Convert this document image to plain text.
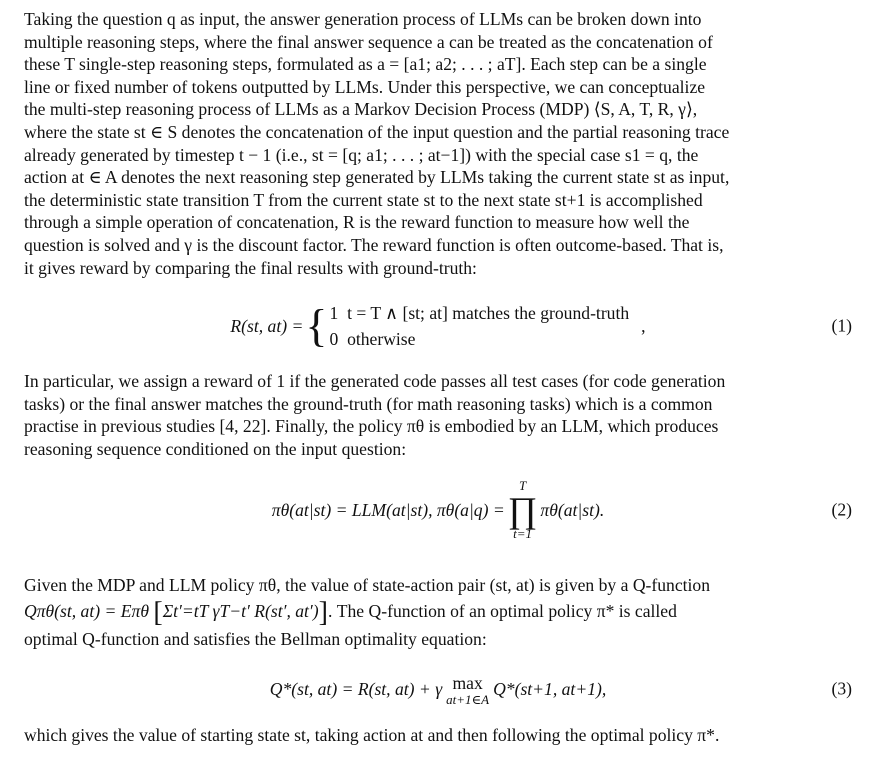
Taking the question q as input, the answer generation process of LLMs can be broken down into
multiple reasoning steps, where the final answer sequence a can be treated as the concatenation of
these T single-step reasoning steps, formulated as a = [a1; a2; . . . ; aT]. Each step can be a single
line or fixed number of tokens outputted by LLMs. Under this perspective, we can conceptualize
the multi-step reasoning process of LLMs as a Markov Decision Process (MDP) ⟨S, A, T, R, γ⟩,
where the state st ∈ S denotes the concatenation of the input question and the partial reasoning trace
already generated by timestep t − 1 (i.e., st = [q; a1; . . . ; at−1]) with the special case s1 = q, the
action at ∈ A denotes the next reasoning step generated by LLMs taking the current state st as input,
the deterministic state transition T from the current state st to the next state st+1 is accomplished
through a simple operation of concatenation, R is the reward function to measure how well the
question is solved and γ is the discount factor. The reward function is often outcome-based. That is,
it gives reward by comparing the final results with ground-truth:

R(st, at) = { 1 t = T ∧ [st; at] matches the ground-truth
0 otherwise
,	(1)

In particular, we assign a reward of 1 if the generated code passes all test cases (for code generation
tasks) or the final answer matches the ground-truth (for math reasoning tasks) which is a common
practise in previous studies [4, 22]. Finally, the policy πθ is embodied by an LLM, which produces
reasoning sequence conditioned on the input question:

πθ(at|st) = LLM(at|st), πθ(a|q) =
T
∏
t=1
πθ(at|st).	(2)

Given the MDP and LLM policy πθ, the value of state-action pair (st, at) is given by a Q-function
Qπθ(st, at) = Eπθ [Σt′=tT γT−t′ R(st′, at′)]. The Q-function of an optimal policy π* is called
optimal Q-function and satisfies the Bellman optimality equation:

Q*(st, at) = R(st, at) + γ max
at+1∈A
Q*(st+1, at+1),	(3)

which gives the value of starting state st, taking action at and then following the optimal policy π*.
